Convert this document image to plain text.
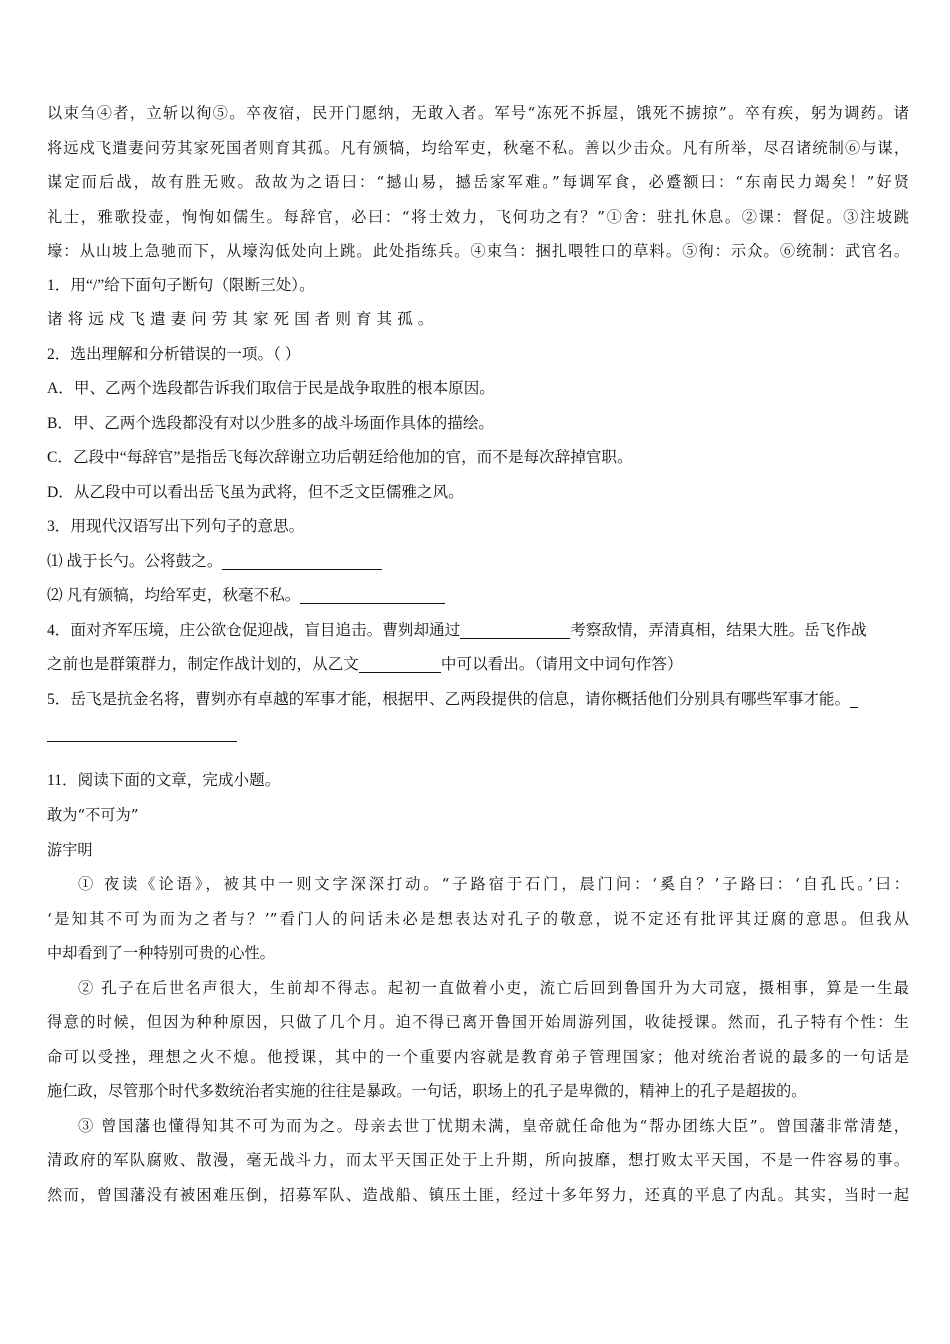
以束刍④者，立斩以徇⑤。卒夜宿，民开门愿纳，无敢入者。军号“冻死不拆屋，饿死不掳掠”。卒有疾，躬为调药。诸
将远戍飞遣妻问劳其家死国者则育其孤。凡有颁犒，均给军吏，秋毫不私。善以少击众。凡有所举，尽召诸统制⑥与谋，
谋定而后战，故有胜无败。敌故为之语曰：“撼山易，撼岳家军难。”每调军食，必蹙额曰：“东南民力竭矣！”好贤
礼士，雅歌投壶，恂恂如儒生。每辞官，必曰：“将士效力，飞何功之有？”①舍：驻扎休息。②课：督促。③注坡跳
壕：从山坡上急驰而下，从壕沟低处向上跳。此处指练兵。④束刍：捆扎喂牲口的草料。⑤徇：示众。⑥统制：武官名。
1．用“/”给下面句子断句（限断三处）。
诸将远戍飞遣妻问劳其家死国者则育其孤。
2．选出理解和分析错误的一项。（ ）
A．甲、乙两个选段都告诉我们取信于民是战争取胜的根本原因。
B．甲、乙两个选段都没有对以少胜多的战斗场面作具体的描绘。
C．乙段中“每辞官”是指岳飞每次辞谢立功后朝廷给他加的官，而不是每次辞掉官职。
D．从乙段中可以看出岳飞虽为武将，但不乏文臣儒雅之风。
3．用现代汉语写出下列句子的意思。
⑴ 战于长勺。公将鼓之。
⑵ 凡有颁犒，均给军吏，秋毫不私。
4．面对齐军压境，庄公欲仓促迎战，盲目追击。曹刿却通过	考察敌情，弄清真相，结果大胜。岳飞作战
之前也是群策群力，制定作战计划的，从乙文	中可以看出。（请用文中词句作答）
5．岳飞是抗金名将，曹刿亦有卓越的军事才能，根据甲、乙两段提供的信息，请你概括他们分别具有哪些军事才能。
11．阅读下面的文章，完成小题。
敢为“不可为”
游宇明
① 夜读《论语》，被其中一则文字深深打动。“子路宿于石门，晨门问：‘奚自？’子路曰：‘自孔氏。’曰：
‘是知其不可为而为之者与？’”看门人的问话未必是想表达对孔子的敬意，说不定还有批评其迂腐的意思。但我从
中却看到了一种特别可贵的心性。
② 孔子在后世名声很大，生前却不得志。起初一直做着小吏，流亡后回到鲁国升为大司寇，摄相事，算是一生最
得意的时候，但因为种种原因，只做了几个月。迫不得已离开鲁国开始周游列国，收徒授课。然而，孔子特有个性：生
命可以受挫，理想之火不熄。他授课，其中的一个重要内容就是教育弟子管理国家；他对统治者说的最多的一句话是
施仁政，尽管那个时代多数统治者实施的往往是暴政。一句话，职场上的孔子是卑微的，精神上的孔子是超拔的。
③ 曾国藩也懂得知其不可为而为之。母亲去世丁忧期未满，皇帝就任命他为“帮办团练大臣”。曾国藩非常清楚，
清政府的军队腐败、散漫，毫无战斗力，而太平天国正处于上升期，所向披靡，想打败太平天国，不是一件容易的事。
然而，曾国藩没有被困难压倒，招募军队、造战船、镇压土匪，经过十多年努力，还真的平息了内乱。其实，当时一起
